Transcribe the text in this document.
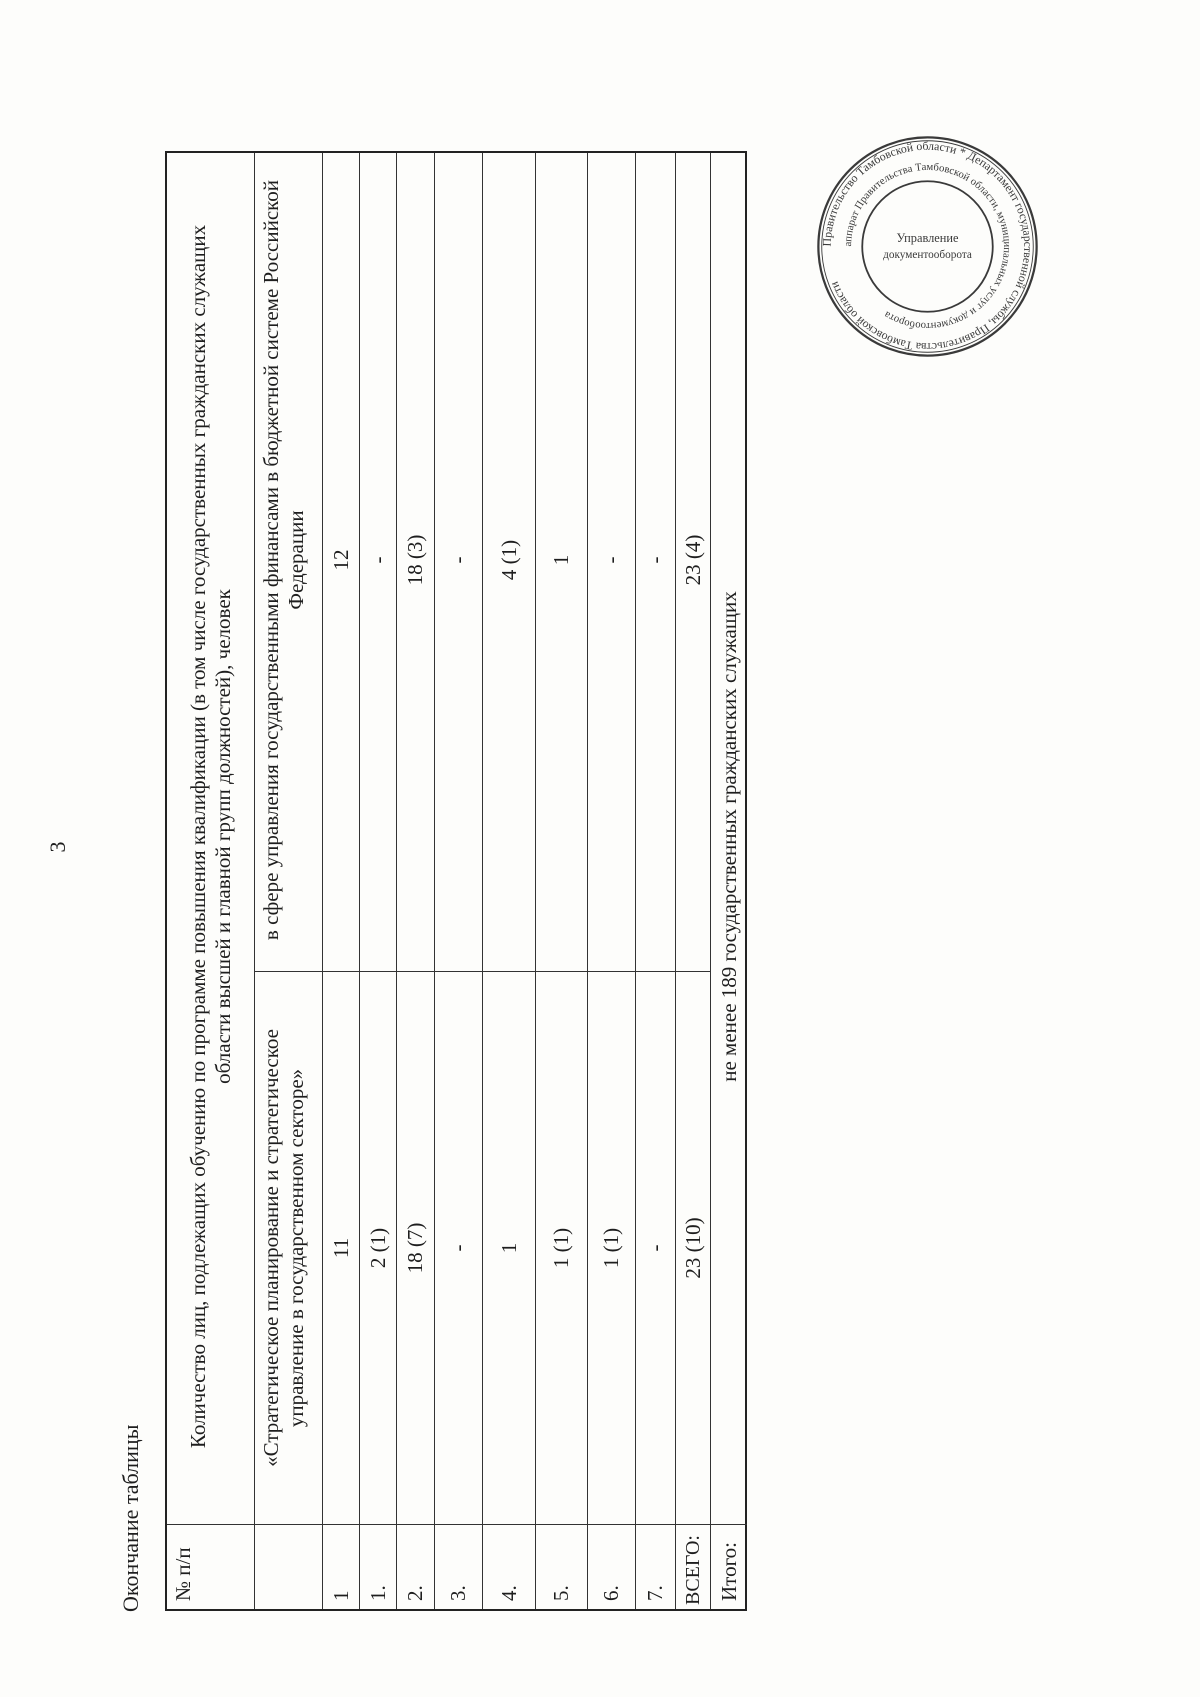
3
Окончание таблицы № п/п
Количество лиц, подлежащих обучению по программе повышения квалификации (в том числе государственных гражданских служащих области высшей и главной групп должностей), человек
«Стратегическое планирование и стратегическое управление в государственном секторе»
в сфере управления государственными финансами в бюджетной системе Российской Федерации
1
11
12
1.
2 (1)
-
2.
18 (7)
18 (3)
3.
-
-
4.
1
4 (1)
5.
1 (1)
1
6.
1 (1)
-
7.
-
-
ВСЕГО:
23 (10)
23 (4)
Итого:
не менее 189 государственных гражданских служащих
Правительство Тамбовской области * Департамент государственной службы, Правительства Тамбовской области
аппарат Правительства Тамбовской области, муниципальных услуг и документооборота
Управление
документооборота
